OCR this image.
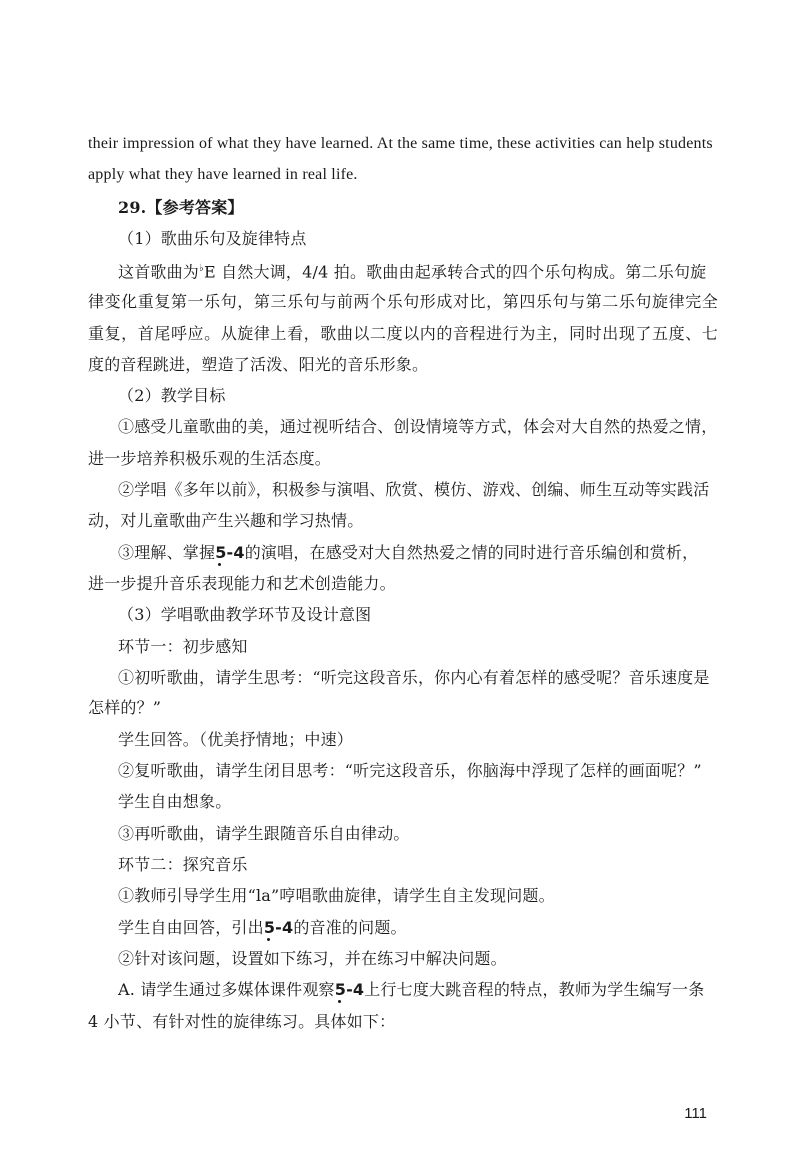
their impression of what they have learned. At the same time, these activities can help students
apply what they have learned in real life.
29.【参考答案】
（1）歌曲乐句及旋律特点
这首歌曲为♭E 自然大调，4/4 拍。歌曲由起承转合式的四个乐句构成。第二乐句旋
律变化重复第一乐句，第三乐句与前两个乐句形成对比，第四乐句与第二乐句旋律完全
重复，首尾呼应。从旋律上看，歌曲以二度以内的音程进行为主，同时出现了五度、七
度的音程跳进，塑造了活泼、阳光的音乐形象。
（2）教学目标
①感受儿童歌曲的美，通过视听结合、创设情境等方式，体会对大自然的热爱之情，
进一步培养积极乐观的生活态度。
②学唱《多年以前》，积极参与演唱、欣赏、模仿、游戏、创编、师生互动等实践活
动，对儿童歌曲产生兴趣和学习热情。
③理解、掌握5-4
的演唱，在感受对大自然热爱之情的同时进行音乐编创和赏析，
进一步提升音乐表现能力和艺术创造能力。
（3）学唱歌曲教学环节及设计意图
环节一：初步感知
①初听歌曲，请学生思考：“听完这段音乐，你内心有着怎样的感受呢？音乐速度是
怎样的？”
学生回答。（优美抒情地；中速）
②复听歌曲，请学生闭目思考：“听完这段音乐，你脑海中浮现了怎样的画面呢？”
学生自由想象。
③再听歌曲，请学生跟随音乐自由律动。
环节二：探究音乐
①教师引导学生用“la”哼唱歌曲旋律，请学生自主发现问题。
学生自由回答，引出5-4
的音准的问题。
②针对该问题，设置如下练习，并在练习中解决问题。
A. 请学生通过多媒体课件观察5-4
上行七度大跳音程的特点，教师为学生编写一条
4 小节、有针对性的旋律练习。具体如下：
111
